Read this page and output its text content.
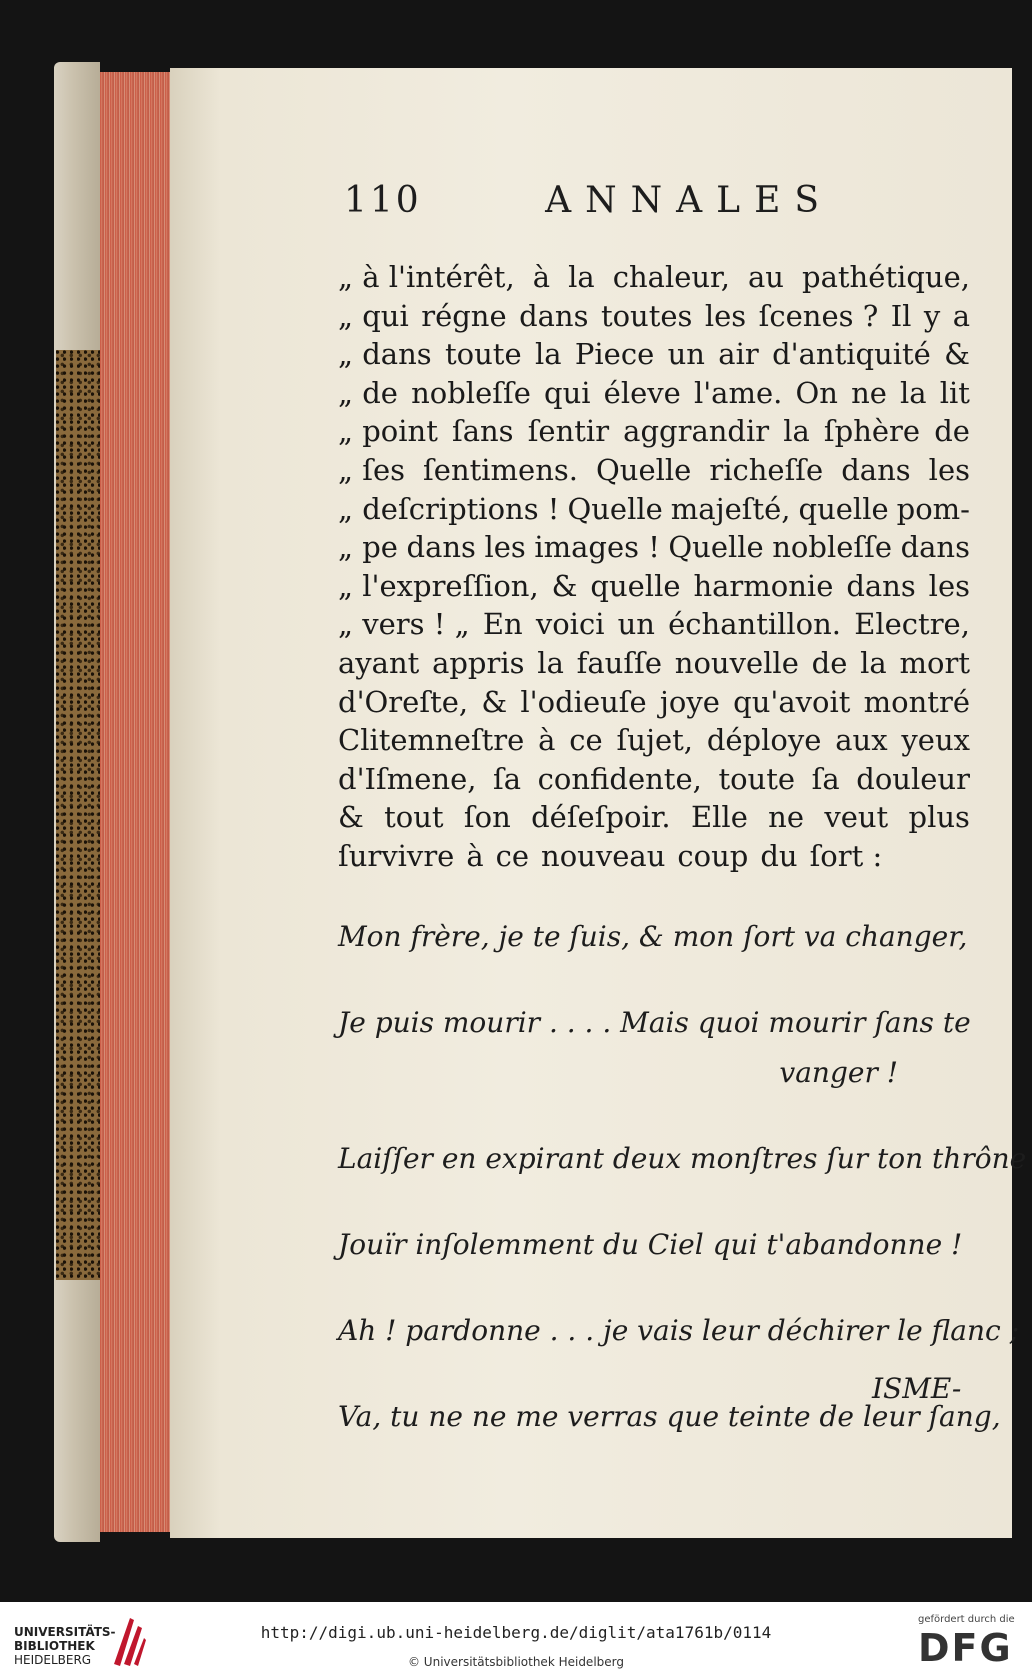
110	ANNALES
„ à l'intérêt, à la chaleur, au pathétique,
„ qui régne dans toutes les ſcenes ? Il y a
„ dans toute la Piece un air d'antiquité &
„ de nobleſſe qui éleve l'ame. On ne la lit
„ point ſans ſentir aggrandir la ſphère de
„ ſes ſentimens. Quelle richeſſe dans les
„ deſcriptions ! Quelle majeſté, quelle pom-
„ pe dans les images ! Quelle nobleſſe dans
„ l'expreſſion, & quelle harmonie dans les
„ vers ! „ En voici un échantillon. Electre,
ayant appris la fauſſe nouvelle de la mort
d'Oreſte, & l'odieuſe joye qu'avoit montré
Clitemneſtre à ce ſujet, déploye aux yeux
d'Iſmene, ſa confidente, toute ſa douleur
& tout ſon déſeſpoir. Elle ne veut plus
ſurvivre à ce nouveau coup du ſort :
Mon frère, je te ſuis, & mon ſort va changer,
Je puis mourir . . . . Mais quoi mourir ſans te
vanger !
Laiſſer en expirant deux monſtres ſur ton thrône
Jouïr inſolemment du Ciel qui t'abandonne !
Ah ! pardonne . . . je vais leur déchirer le flanc ;
Va, tu ne ne me verras que teinte de leur ſang,
ISME-
UNIVERSITÄTS-
BIBLIOTHEK
HEIDELBERG
http://digi.ub.uni-heidelberg.de/diglit/ata1761b/0114
© Universitätsbibliothek Heidelberg
gefördert durch die
DFG
